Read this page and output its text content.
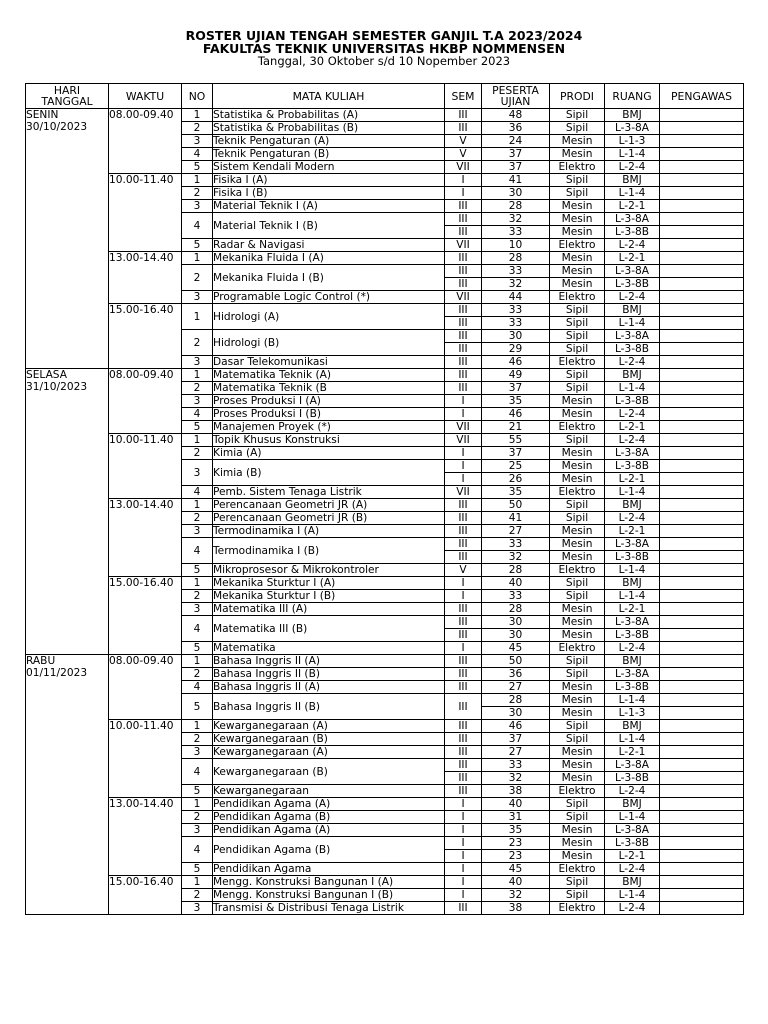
ROSTER UJIAN TENGAH SEMESTER GANJIL T.A 2023/2024
FAKULTAS TEKNIK UNIVERSITAS HKBP NOMMENSEN
Tanggal, 30 Oktober s/d 10 Nopember 2023
HARI
TANGGAL	WAKTU	NO	MATA KULIAH	SEM	PESERTA
UJIAN	PRODI	RUANG	PENGAWAS

SENIN
30/10/2023	08.00-09.40	1	Statistika & Probabilitas (A)	III	48	Sipil	BMJ	
		2	Statistika & Probabilitas (B)	III	36	Sipil	L-3-8A	
		3	Teknik Pengaturan (A)	V	24	Mesin	L-1-3	
		4	Teknik Pengaturan (B)	V	37	Mesin	L-1-4	
		5	Sistem Kendali Modern	VII	37	Elektro	L-2-4	
	10.00-11.40	1	Fisika I (A)	I	41	Sipil	BMJ	
		2	Fisika I (B)	I	30	Sipil	L-1-4	
		3	Material Teknik I (A)	III	28	Mesin	L-2-1	
		4	Material Teknik I (B)	III	32	Mesin	L-3-8A	
				III	33	Mesin	L-3-8B	
		5	Radar & Navigasi	VII	10	Elektro	L-2-4	
	13.00-14.40	1	Mekanika Fluida I (A)	III	28	Mesin	L-2-1	
		2	Mekanika Fluida I (B)	III	33	Mesin	L-3-8A	
				III	32	Mesin	L-3-8B	
		3	Programable Logic Control (*)	VII	44	Elektro	L-2-4	
	15.00-16.40	1	Hidrologi (A)	III	33	Sipil	BMJ	
				III	33	Sipil	L-1-4	
		2	Hidrologi (B)	III	30	Sipil	L-3-8A	
				III	29	Sipil	L-3-8B	
		3	Dasar Telekomunikasi	III	46	Elektro	L-2-4	

SELASA
31/10/2023	08.00-09.40	1	Matematika Teknik (A)	III	49	Sipil	BMJ	
		2	Matematika Teknik (B	III	37	Sipil	L-1-4	
		3	Proses Produksi I (A)	I	35	Mesin	L-3-8B	
		4	Proses Produksi I (B)	I	46	Mesin	L-2-4	
		5	Manajemen Proyek (*)	VII	21	Elektro	L-2-1	
	10.00-11.40	1	Topik Khusus Konstruksi	VII	55	Sipil	L-2-4	
		2	Kimia (A)	I	37	Mesin	L-3-8A	
		3	Kimia (B)	I	25	Mesin	L-3-8B	
				I	26	Mesin	L-2-1	
		4	Pemb. Sistem Tenaga Listrik	VII	35	Elektro	L-1-4	
	13.00-14.40	1	Perencanaan Geometri JR (A)	III	50	Sipil	BMJ	
		2	Perencanaan Geometri JR (B)	III	41	Sipil	L-2-4	
		3	Termodinamika I (A)	III	27	Mesin	L-2-1	
		4	Termodinamika I (B)	III	33	Mesin	L-3-8A	
				III	32	Mesin	L-3-8B	
		5	Mikroprosesor & Mikrokontroler	V	28	Elektro	L-1-4	
	15.00-16.40	1	Mekanika Sturktur I (A)	I	40	Sipil	BMJ	
		2	Mekanika Sturktur I (B)	I	33	Sipil	L-1-4	
		3	Matematika III (A)	III	28	Mesin	L-2-1	
		4	Matematika III (B)	III	30	Mesin	L-3-8A	
				III	30	Mesin	L-3-8B	
		5	Matematika	I	45	Elektro	L-2-4	

RABU
01/11/2023	08.00-09.40	1	Bahasa Inggris II (A)	III	50	Sipil	BMJ	
		2	Bahasa Inggris II (B)	III	36	Sipil	L-3-8A	
		4	Bahasa Inggris II (A)	III	27	Mesin	L-3-8B	
		5	Bahasa Inggris II (B)	III	28	Mesin	L-1-4	
					30	Mesin	L-1-3	
	10.00-11.40	1	Kewarganegaraan (A)	III	46	Sipil	BMJ	
		2	Kewarganegaraan (B)	III	37	Sipil	L-1-4	
		3	Kewarganegaraan (A)	III	27	Mesin	L-2-1	
		4	Kewarganegaraan (B)	III	33	Mesin	L-3-8A	
				III	32	Mesin	L-3-8B	
		5	Kewarganegaraan	III	38	Elektro	L-2-4	
	13.00-14.40	1	Pendidikan Agama (A)	I	40	Sipil	BMJ	
		2	Pendidikan Agama (B)	I	31	Sipil	L-1-4	
		3	Pendidikan Agama (A)	I	35	Mesin	L-3-8A	
		4	Pendidikan Agama (B)	I	23	Mesin	L-3-8B	
				I	23	Mesin	L-2-1	
		5	Pendidikan Agama	I	45	Elektro	L-2-4	
	15.00-16.40	1	Mengg. Konstruksi Bangunan I (A)	I	40	Sipil	BMJ	
		2	Mengg. Konstruksi Bangunan I (B)	I	32	Sipil	L-1-4	
		3	Transmisi & Distribusi Tenaga Listrik	III	38	Elektro	L-2-4	
